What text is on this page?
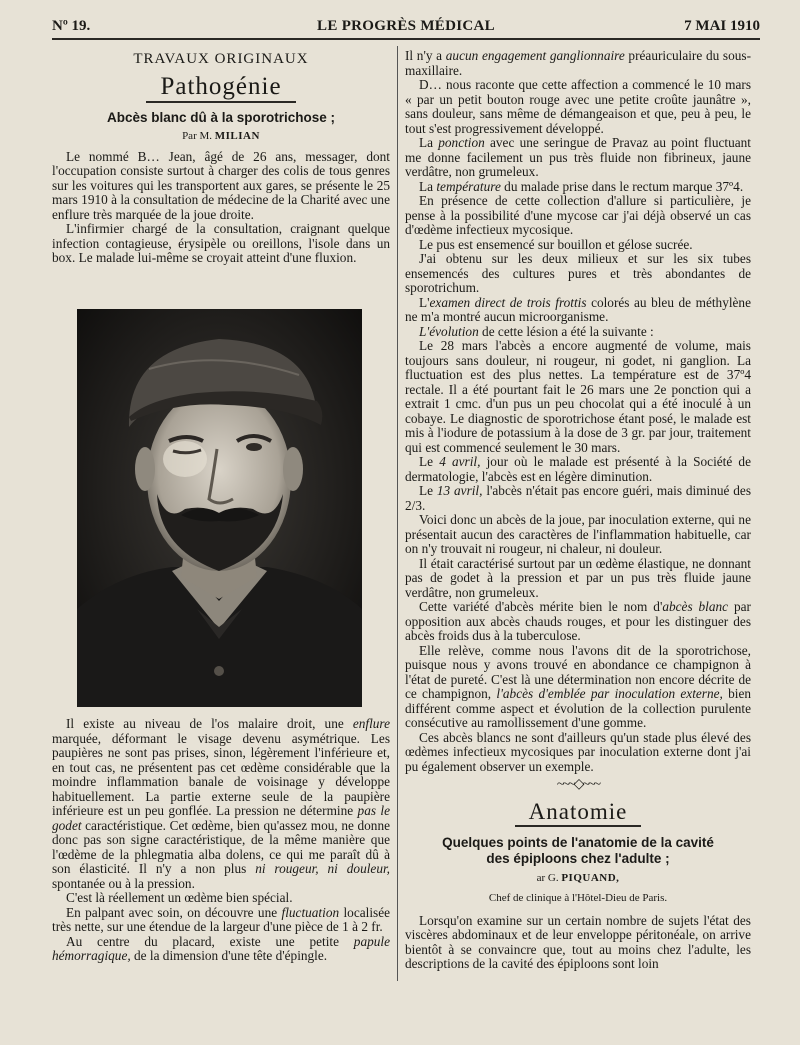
Nº 19.	LE PROGRÈS MÉDICAL	7 MAI 1910
TRAVAUX ORIGINAUX
Pathogénie
Abcès blanc dû à la sporotrichose ;
Par M. MILIAN

Le nommé B… Jean, âgé de 26 ans, messager, dont l'occupation consiste surtout à charger des colis de tous genres sur les voitures qui les transportent aux gares, se présente le 25 mars 1910 à la consultation de médecine de la Charité avec une enflure très marquée de la joue droite.

L'infirmier chargé de la consultation, craignant quelque infection contagieuse, érysipèle ou oreillons, l'isole dans un box. Le malade lui-même se croyait atteint d'une fluxion.

Il existe au niveau de l'os malaire droit, une enflure marquée, déformant le visage devenu asymétrique. Les paupières ne sont pas prises, sinon, légèrement l'inférieure et, en tout cas, ne présentent pas cet œdème considérable que la moindre inflammation banale de voisinage y développe habituellement. La partie externe seule de la paupière inférieure est un peu gonflée. La pression ne détermine pas le godet caractéristique. Cet œdème, bien qu'assez mou, ne donne donc pas son signe caractéristique, de la même manière que l'œdème de la phlegmatia alba dolens, ce qui me paraît dû à son élasticité. Il n'y a non plus ni rougeur, ni douleur, spontanée ou à la pression.

C'est là réellement un œdème bien spécial.

En palpant avec soin, on découvre une fluctuation localisée très nette, sur une étendue de la largeur d'une pièce de 1 à 2 fr.

Au centre du placard, existe une petite papule hémorragique, de la dimension d'une tête d'épingle.

Il n'y a aucun engagement ganglionnaire préauriculaire du sous-maxillaire.

D… nous raconte que cette affection a commencé le 10 mars « par un petit bouton rouge avec une petite croûte jaunâtre », sans douleur, sans même de démangeaison et que, peu à peu, le tout s'est progressivement développé.

La ponction avec une seringue de Pravaz au point fluctuant me donne facilement un pus très fluide non fibrineux, jaune verdâtre, non grumeleux.

La température du malade prise dans le rectum marque 37º4.

En présence de cette collection d'allure si particulière, je pense à la possibilité d'une mycose car j'ai déjà observé un cas d'œdème infectieux mycosique.

Le pus est ensemencé sur bouillon et gélose sucrée.

J'ai obtenu sur les deux milieux et sur les six tubes ensemencés des cultures pures et très abondantes de sporotrichum.

L'examen direct de trois frottis colorés au bleu de méthylène ne m'a montré aucun microorganisme.

L'évolution de cette lésion a été la suivante :

Le 28 mars l'abcès a encore augmenté de volume, mais toujours sans douleur, ni rougeur, ni godet, ni ganglion. La fluctuation est des plus nettes. La température est de 37º4 rectale. Il a été pourtant fait le 26 mars une 2e ponction qui a extrait 1 cmc. d'un pus un peu chocolat qui a été inoculé à un cobaye. Le diagnostic de sporotrichose étant posé, le malade est mis à l'iodure de potassium à la dose de 3 gr. par jour, traitement qui est commencé seulement le 30 mars.

Le 4 avril, jour où le malade est présenté à la Société de dermatologie, l'abcès est en légère diminution.

Le 13 avril, l'abcès n'était pas encore guéri, mais diminué des 2/3.

Voici donc un abcès de la joue, par inoculation externe, qui ne présentait aucun des caractères de l'inflammation habituelle, car on n'y trouvait ni rougeur, ni chaleur, ni douleur.

Il était caractérisé surtout par un œdème élastique, ne donnant pas de godet à la pression et par un pus très fluide jaune verdâtre, non grumeleux.

Cette variété d'abcès mérite bien le nom d'abcès blanc par opposition aux abcès chauds rouges, et pour les distinguer des abcès froids dus à la tuberculose.

Elle relève, comme nous l'avons dit de la sporotrichose, puisque nous y avons trouvé en abondance ce champignon à l'état de pureté. C'est là une détermination non encore décrite de ce champignon, l'abcès d'emblée par inoculation externe, bien différent comme aspect et évolution de la collection purulente consécutive au ramollissement d'une gomme.

Ces abcès blancs ne sont d'ailleurs qu'un stade plus élevé des œdèmes infectieux mycosiques par inoculation externe dont j'ai pu également observer un exemple.

~~~◇~~~
Anatomie
Quelques points de l'anatomie de la cavité
des épiploons chez l'adulte ;
ar G. PIQUAND,
Chef de clinique à l'Hôtel-Dieu de Paris.

Lorsqu'on examine sur un certain nombre de sujets l'état des viscères abdominaux et de leur enveloppe péritonéale, on arrive bientôt à se convaincre que, tout au moins chez l'adulte, les descriptions de la cavité des épiploons sont loin
